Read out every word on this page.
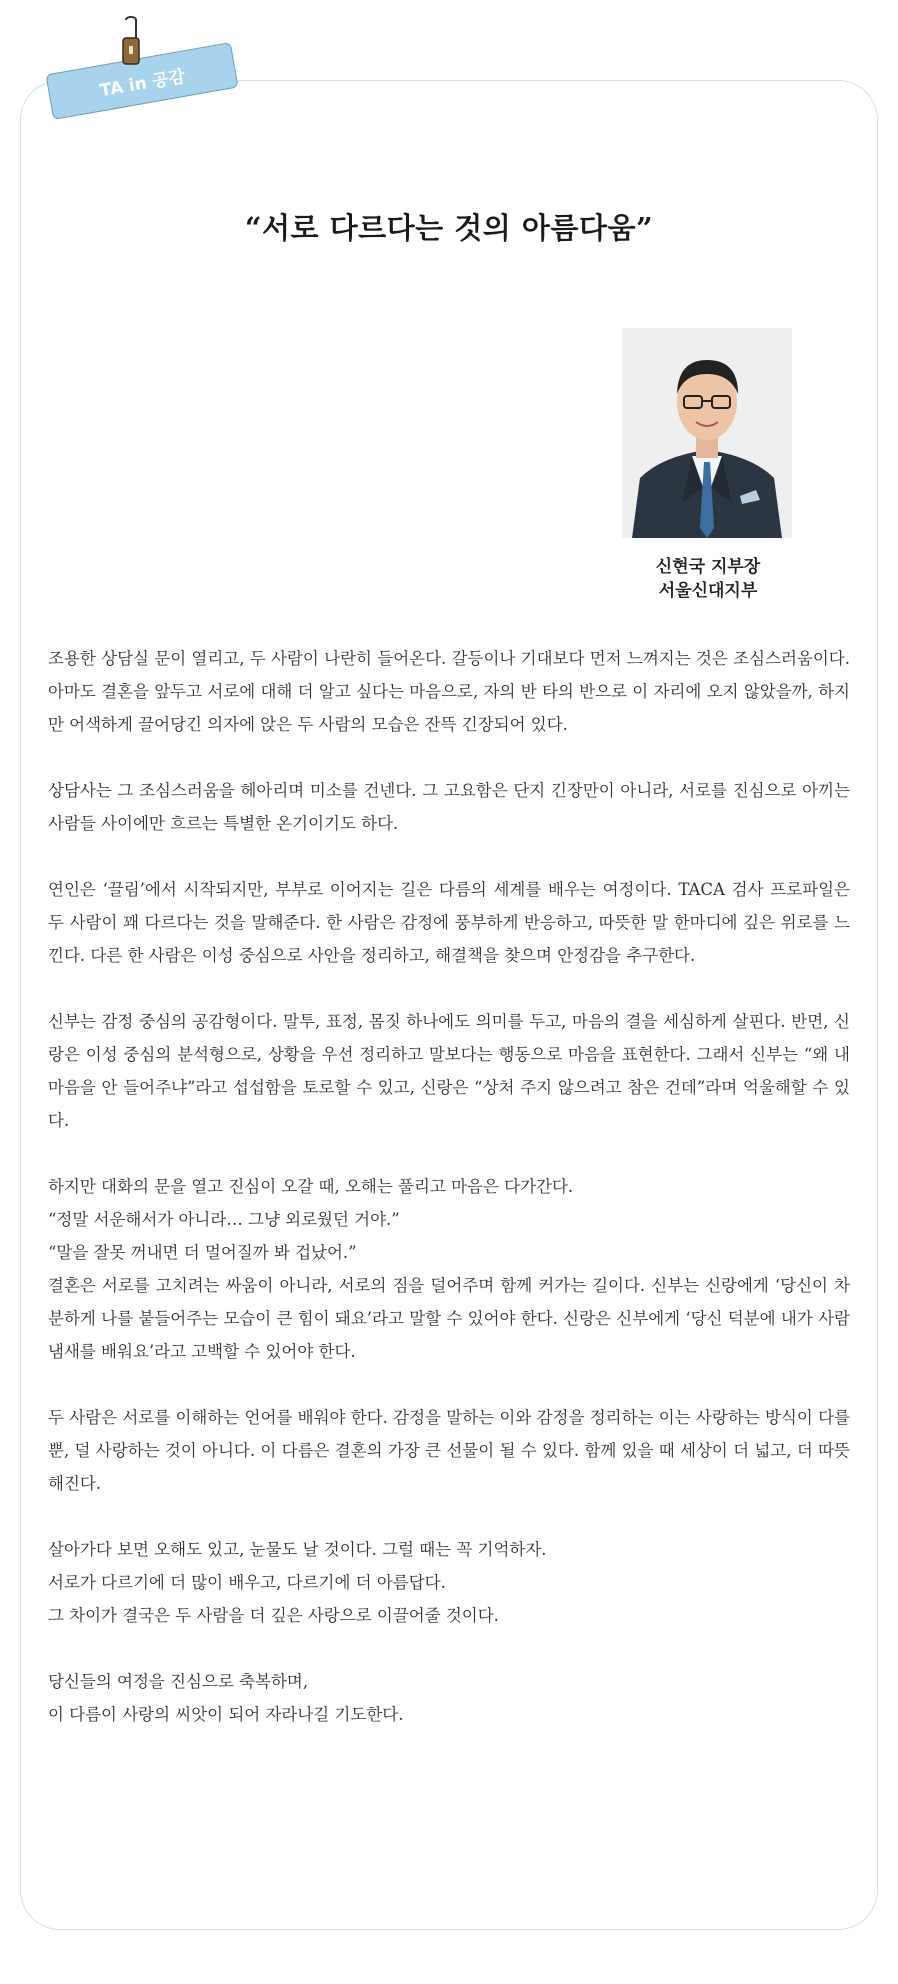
TA in 공감
“서로 다르다는 것의 아름다움”
신현국 지부장
서울신대지부

조용한 상담실 문이 열리고, 두 사람이 나란히 들어온다. 갈등이나 기대보다 먼저 느껴지는 것은 조심스러움이다. 아마도 결혼을 앞두고 서로에 대해 더 알고 싶다는 마음으로, 자의 반 타의 반으로 이 자리에 오지 않았을까, 하지만 어색하게 끌어당긴 의자에 앉은 두 사람의 모습은 잔뜩 긴장되어 있다.

상담사는 그 조심스러움을 헤아리며 미소를 건넨다. 그 고요함은 단지 긴장만이 아니라, 서로를 진심으로 아끼는 사람들 사이에만 흐르는 특별한 온기이기도 하다.

연인은 ‘끌림’에서 시작되지만, 부부로 이어지는 길은 다름의 세계를 배우는 여정이다. TACA 검사 프로파일은 두 사람이 꽤 다르다는 것을 말해준다. 한 사람은 감정에 풍부하게 반응하고, 따뜻한 말 한마디에 깊은 위로를 느낀다. 다른 한 사람은 이성 중심으로 사안을 정리하고, 해결책을 찾으며 안정감을 추구한다.

신부는 감정 중심의 공감형이다. 말투, 표정, 몸짓 하나에도 의미를 두고, 마음의 결을 세심하게 살핀다. 반면, 신랑은 이성 중심의 분석형으로, 상황을 우선 정리하고 말보다는 행동으로 마음을 표현한다. 그래서 신부는 “왜 내 마음을 안 들어주냐”라고 섭섭함을 토로할 수 있고, 신랑은 “상처 주지 않으려고 참은 건데”라며 억울해할 수 있다.

하지만 대화의 문을 열고 진심이 오갈 때, 오해는 풀리고 마음은 다가간다.
“정말 서운해서가 아니라… 그냥 외로웠던 거야.”
“말을 잘못 꺼내면 더 멀어질까 봐 겁났어.”
결혼은 서로를 고치려는 싸움이 아니라, 서로의 짐을 덜어주며 함께 커가는 길이다. 신부는 신랑에게 ‘당신이 차분하게 나를 붙들어주는 모습이 큰 힘이 돼요’라고 말할 수 있어야 한다. 신랑은 신부에게 ‘당신 덕분에 내가 사람 냄새를 배워요’라고 고백할 수 있어야 한다.

두 사람은 서로를 이해하는 언어를 배워야 한다. 감정을 말하는 이와 감정을 정리하는 이는 사랑하는 방식이 다를 뿐, 덜 사랑하는 것이 아니다. 이 다름은 결혼의 가장 큰 선물이 될 수 있다. 함께 있을 때 세상이 더 넓고, 더 따뜻해진다.

살아가다 보면 오해도 있고, 눈물도 날 것이다. 그럴 때는 꼭 기억하자.
서로가 다르기에 더 많이 배우고, 다르기에 더 아름답다.
그 차이가 결국은 두 사람을 더 깊은 사랑으로 이끌어줄 것이다.

당신들의 여정을 진심으로 축복하며,
이 다름이 사랑의 씨앗이 되어 자라나길 기도한다.
